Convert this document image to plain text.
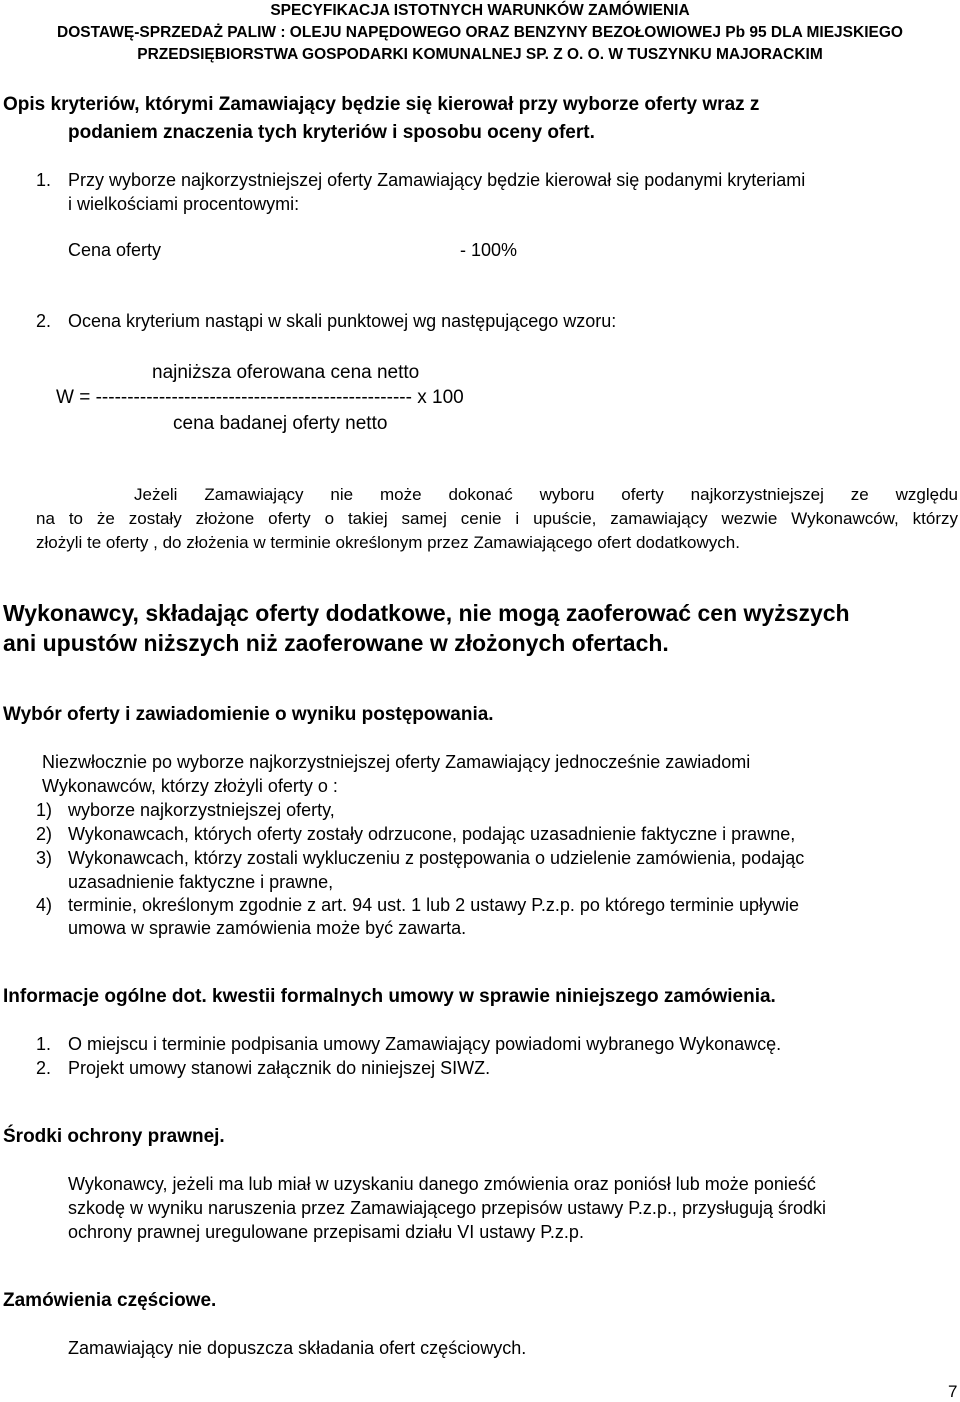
SPECYFIKACJA ISTOTNYCH WARUNKÓW ZAMÓWIENIA
DOSTAWĘ-SPRZEDAŻ PALIW : OLEJU NAPĘDOWEGO ORAZ BENZYNY BEZOŁOWIOWEJ Pb 95 DLA MIEJSKIEGO
PRZEDSIĘBIORSTWA GOSPODARKI KOMUNALNEJ SP. Z O. O. W TUSZYNKU MAJORACKIM
Opis kryteriów, którymi Zamawiający będzie się kierował przy wyborze oferty wraz z
podaniem znaczenia tych kryteriów i sposobu oceny ofert.
1. Przy wyborze najkorzystniejszej oferty Zamawiający będzie kierował się podanymi kryteriami
i wielkościami procentowymi:
Cena oferty	- 100%
2. Ocena kryterium nastąpi w skali punktowej wg następującego wzoru:
najniższa oferowana cena netto
W = -------------------------------------------------- x 100
cena badanej oferty netto
Jeżeli Zamawiający nie może dokonać wyboru oferty najkorzystniejszej ze względu
na to że zostały złożone oferty o takiej samej cenie i upuście, zamawiający wezwie Wykonawców, którzy
złożyli te oferty , do złożenia w terminie określonym przez Zamawiającego ofert dodatkowych.
Wykonawcy, składając oferty dodatkowe, nie mogą zaoferować cen wyższych
ani upustów niższych niż zaoferowane w złożonych ofertach.
Wybór oferty i zawiadomienie o wyniku postępowania.
Niezwłocznie po wyborze najkorzystniejszej oferty Zamawiający jednocześnie zawiadomi
Wykonawców, którzy złożyli oferty o :
1) wyborze najkorzystniejszej oferty,
2) Wykonawcach, których oferty zostały odrzucone, podając uzasadnienie faktyczne i prawne,
3) Wykonawcach, którzy zostali wykluczeniu z postępowania o udzielenie zamówienia, podając
uzasadnienie faktyczne i prawne,
4) terminie, określonym zgodnie z art. 94 ust. 1 lub 2 ustawy P.z.p. po którego terminie upływie
umowa w sprawie zamówienia może być zawarta.
Informacje ogólne dot. kwestii formalnych umowy w sprawie niniejszego zamówienia.
1. O miejscu i terminie podpisania umowy Zamawiający powiadomi wybranego Wykonawcę.
2. Projekt umowy stanowi załącznik do niniejszej SIWZ.
Środki ochrony prawnej.
Wykonawcy, jeżeli ma lub miał w uzyskaniu danego zmówienia oraz poniósł lub może ponieść
szkodę w wyniku naruszenia przez Zamawiającego przepisów ustawy P.z.p., przysługują środki
ochrony prawnej uregulowane przepisami działu VI ustawy P.z.p.
Zamówienia częściowe.
Zamawiający nie dopuszcza składania ofert częściowych.
7
